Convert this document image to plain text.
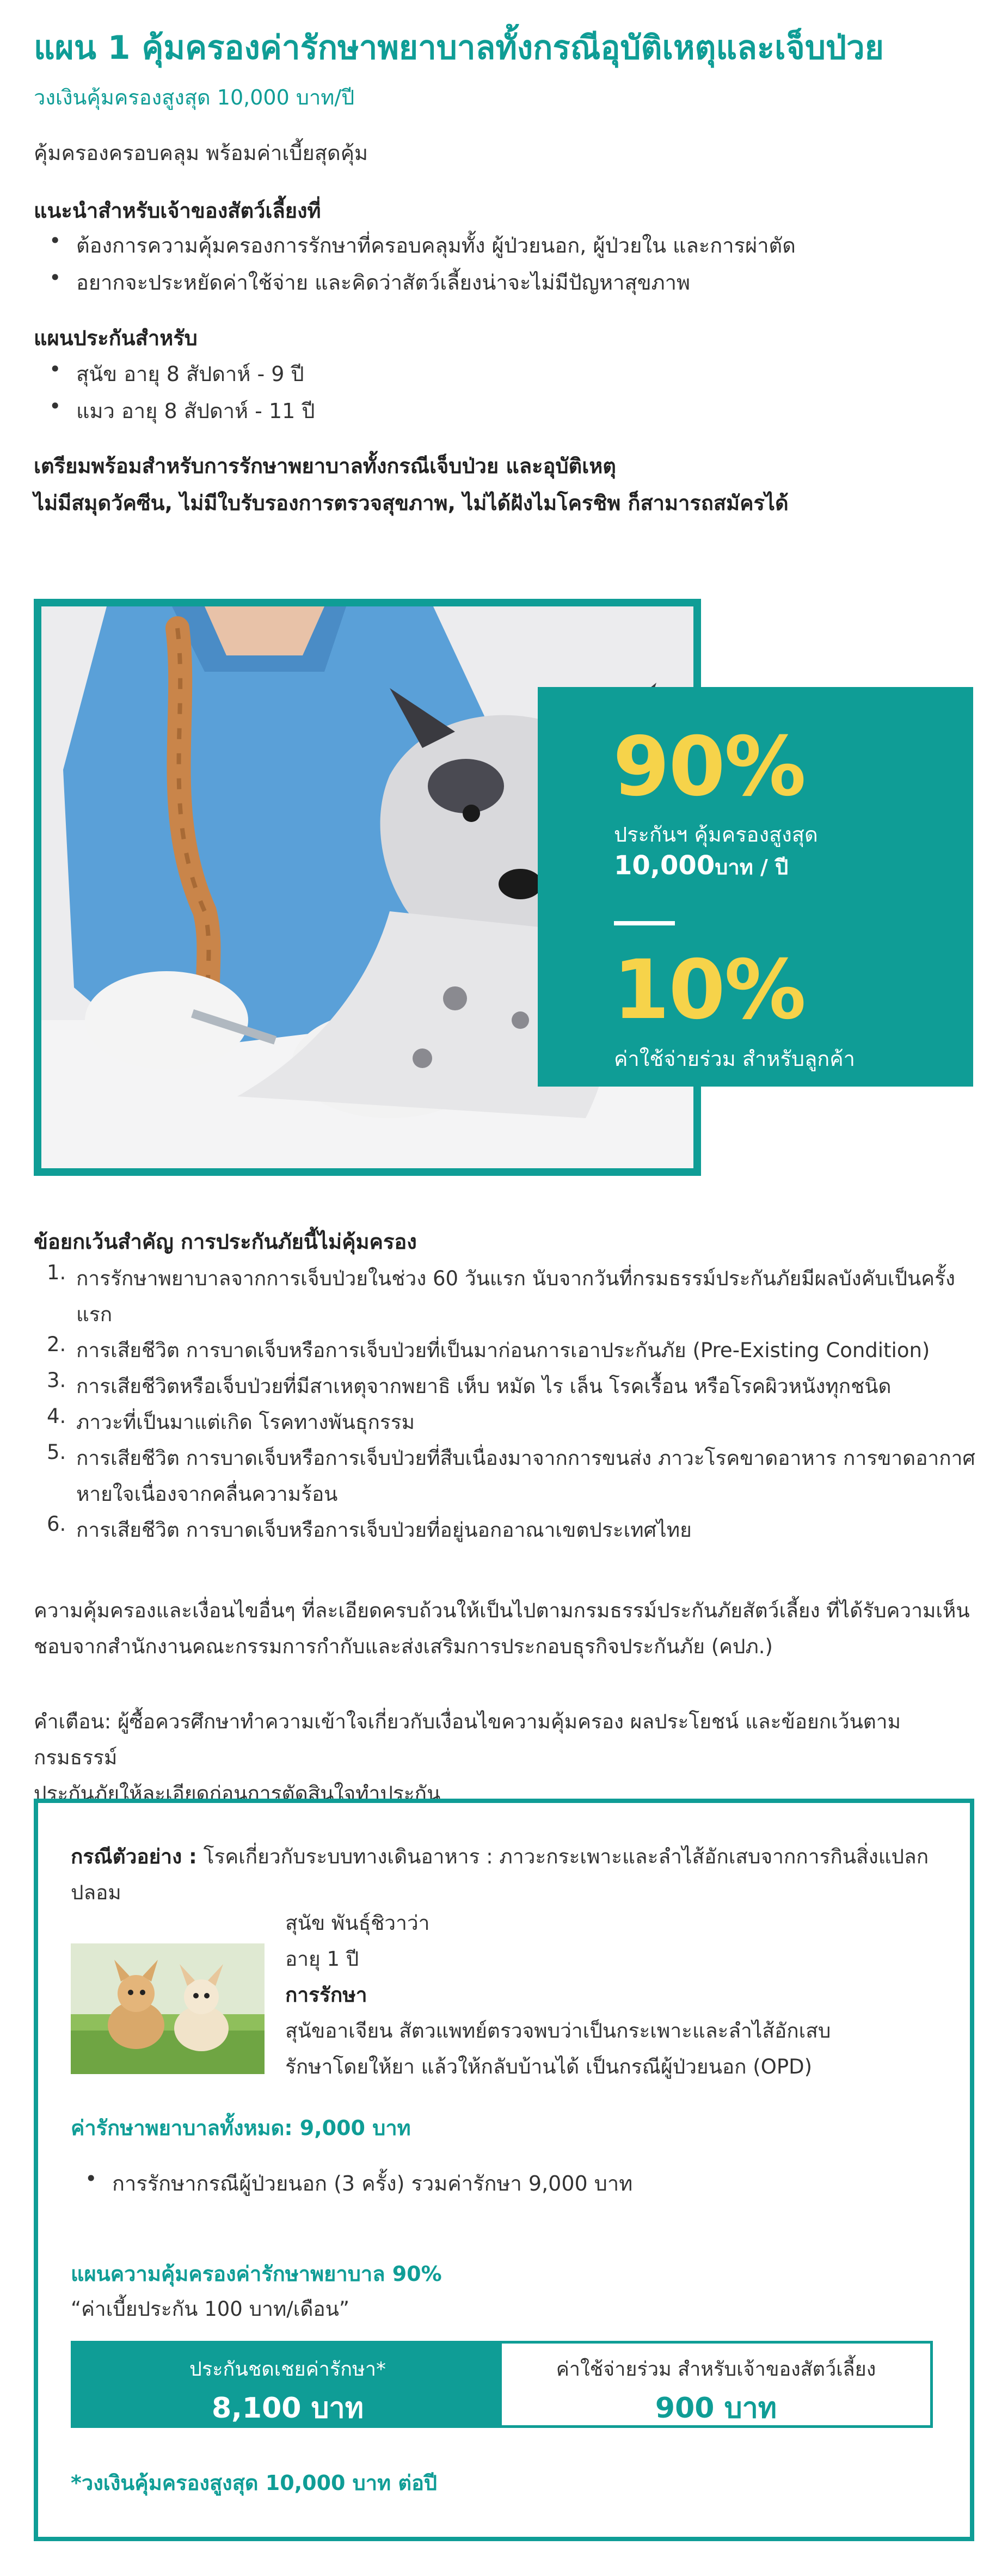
แผน 1 คุ้มครองค่ารักษาพยาบาลทั้งกรณีอุบัติเหตุและเจ็บป่วย
วงเงินคุ้มครองสูงสุด 10,000 บาท/ปี
คุ้มครองครอบคลุม พร้อมค่าเบี้ยสุดคุ้ม
แนะนำสำหรับเจ้าของสัตว์เลี้ยงที่
• ต้องการความคุ้มครองการรักษาที่ครอบคลุมทั้ง ผู้ป่วยนอก, ผู้ป่วยใน และการผ่าตัด
• อยากจะประหยัดค่าใช้จ่าย และคิดว่าสัตว์เลี้ยงน่าจะไม่มีปัญหาสุขภาพ
แผนประกันสำหรับ
• สุนัข อายุ 8 สัปดาห์ - 9 ปี
• แมว อายุ 8 สัปดาห์ - 11 ปี
เตรียมพร้อมสำหรับการรักษาพยาบาลทั้งกรณีเจ็บป่วย และอุบัติเหตุ
ไม่มีสมุดวัคซีน, ไม่มีใบรับรองการตรวจสุขภาพ, ไม่ได้ฝังไมโครชิพ ก็สามารถสมัครได้
90%
ประกันฯ คุ้มครองสูงสุด
10,000บาท / ปี
10%
ค่าใช้จ่ายร่วม สำหรับลูกค้า
ข้อยกเว้นสำคัญ การประกันภัยนี้ไม่คุ้มครอง
1. การรักษาพยาบาลจากการเจ็บป่วยในช่วง 60 วันแรก นับจากวันที่กรมธรรม์ประกันภัยมีผลบังคับเป็นครั้ง
แรก
2. การเสียชีวิต การบาดเจ็บหรือการเจ็บป่วยที่เป็นมาก่อนการเอาประกันภัย (Pre-Existing Condition)
3. การเสียชีวิตหรือเจ็บป่วยที่มีสาเหตุจากพยาธิ เห็บ หมัด ไร เล็น โรคเรื้อน หรือโรคผิวหนังทุกชนิด
4. ภาวะที่เป็นมาแต่เกิด โรคทางพันธุกรรม
5. การเสียชีวิต การบาดเจ็บหรือการเจ็บป่วยที่สืบเนื่องมาจากการขนส่ง ภาวะโรคขาดอาหาร การขาดอากาศ
หายใจเนื่องจากคลื่นความร้อน
6. การเสียชีวิต การบาดเจ็บหรือการเจ็บป่วยที่อยู่นอกอาณาเขตประเทศไทย
ความคุ้มครองและเงื่อนไขอื่นๆ ที่ละเอียดครบถ้วนให้เป็นไปตามกรมธรรม์ประกันภัยสัตว์เลี้ยง ที่ได้รับความเห็น
ชอบจากสำนักงานคณะกรรมการกำกับและส่งเสริมการประกอบธุรกิจประกันภัย (คปภ.)
คำเตือน: ผู้ซื้อควรศึกษาทำความเข้าใจเกี่ยวกับเงื่อนไขความคุ้มครอง ผลประโยชน์ และข้อยกเว้นตามกรมธรรม์
ประกันภัยให้ละเอียดก่อนการตัดสินใจทำประกัน
กรณีตัวอย่าง : โรคเกี่ยวกับระบบทางเดินอาหาร : ภาวะกระเพาะและลำไส้อักเสบจากการกินสิ่งแปลก
ปลอม
สุนัข พันธุ์ชิวาว่า
อายุ 1 ปี
การรักษา
สุนัขอาเจียน สัตวแพทย์ตรวจพบว่าเป็นกระเพาะและลำไส้อักเสบ
รักษาโดยให้ยา แล้วให้กลับบ้านได้ เป็นกรณีผู้ป่วยนอก (OPD)
ค่ารักษาพยาบาลทั้งหมด: 9,000 บาท
• การรักษากรณีผู้ป่วยนอก (3 ครั้ง) รวมค่ารักษา 9,000 บาท
แผนความคุ้มครองค่ารักษาพยาบาล 90%
“ค่าเบี้ยประกัน 100 บาท/เดือน”
ประกันชดเชยค่ารักษา*
8,100 บาท
ค่าใช้จ่ายร่วม สำหรับเจ้าของสัตว์เลี้ยง
900 บาท
*วงเงินคุ้มครองสูงสุด 10,000 บาท ต่อปี
